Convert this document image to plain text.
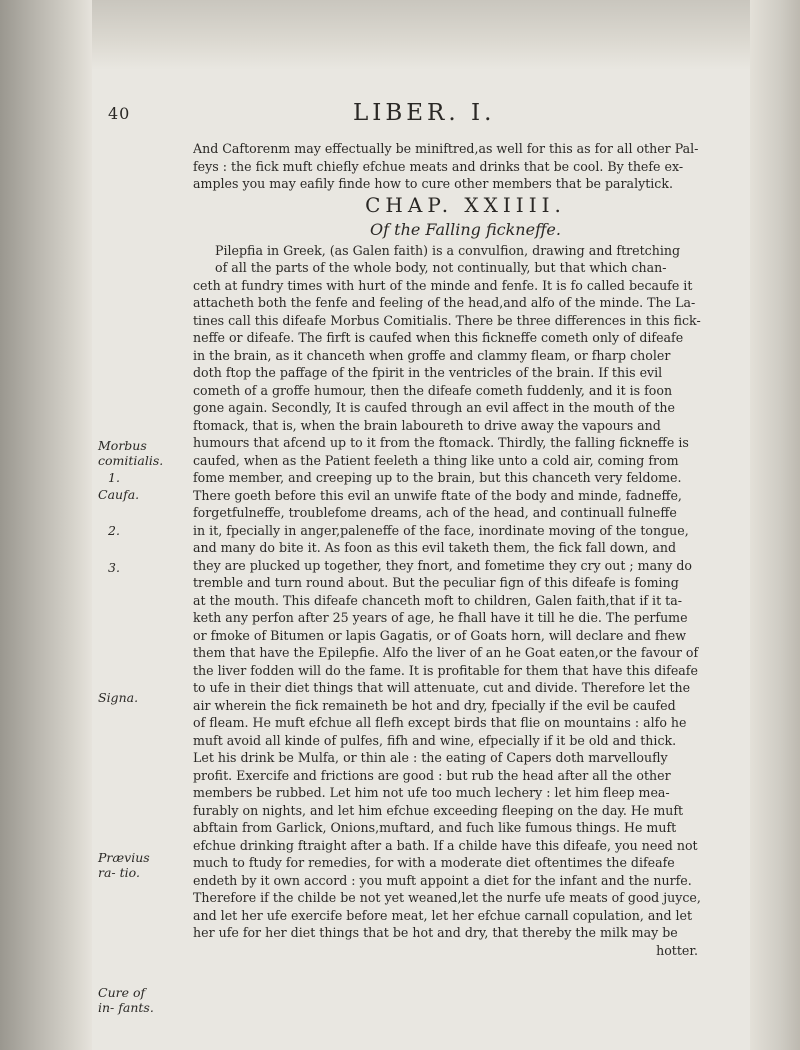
40	LIBER. I.
Morbus comitialis.
1.
Caufa.
2.
3.
Signa.
Prævius ra- tio.
Cure of in- fants.
And Caftorenm may effectually be miniftred,as well for this as for all other Pal-
feys : the fick muft chiefly efchue meats and drinks that be cool. By thefe ex-
amples you may eafily finde how to cure other members that be paralytick.
CHAP. XXIIII.
Of the Falling fickneffe.
Pilepfia in Greek, (as Galen faith) is a convulfion, drawing and ftretching
of all the parts of the whole body, not continually, but that which chan-
ceth at fundry times with hurt of the minde and fenfe. It is fo called becaufe it
attacheth both the fenfe and feeling of the head,and alfo of the minde. The La-
tines call this difeafe Morbus Comitialis. There be three differences in this fick-
neffe or difeafe. The firft is caufed when this fickneffe cometh only of difeafe
in the brain, as it chanceth when groffe and clammy fleam, or fharp choler
doth ftop the paffage of the fpirit in the ventricles of the brain. If this evil
cometh of a groffe humour, then the difeafe cometh fuddenly, and it is foon
gone again. Secondly, It is caufed through an evil affect in the mouth of the
ftomack, that is, when the brain laboureth to drive away the vapours and
humours that afcend up to it from the ftomack. Thirdly, the falling fickneffe is
caufed, when as the Patient feeleth a thing like unto a cold air, coming from
fome member, and creeping up to the brain, but this chanceth very feldome.
There goeth before this evil an unwife ftate of the body and minde, fadneffe,
forgetfulneffe, troublefome dreams, ach of the head, and continuall fulneffe
in it, fpecially in anger,paleneffe of the face, inordinate moving of the tongue,
and many do bite it. As foon as this evil taketh them, the fick fall down, and
they are plucked up together, they fnort, and fometime they cry out ; many do
tremble and turn round about. But the peculiar fign of this difeafe is foming
at the mouth. This difeafe chanceth moft to children, Galen faith,that if it ta-
keth any perfon after 25 years of age, he fhall have it till he die. The perfume
or fmoke of Bitumen or lapis Gagatis, or of Goats horn, will declare and fhew
them that have the Epilepfie. Alfo the liver of an he Goat eaten,or the favour of
the liver fodden will do the fame. It is profitable for them that have this difeafe
to ufe in their diet things that will attenuate, cut and divide. Therefore let the
air wherein the fick remaineth be hot and dry, fpecially if the evil be caufed
of fleam. He muft efchue all flefh except birds that flie on mountains : alfo he
muft avoid all kinde of pulfes, fifh and wine, efpecially if it be old and thick.
Let his drink be Mulfa, or thin ale : the eating of Capers doth marvelloufly
profit. Exercife and frictions are good : but rub the head after all the other
members be rubbed. Let him not ufe too much lechery : let him fleep mea-
furably on nights, and let him efchue exceeding fleeping on the day. He muft
abftain from Garlick, Onions,muftard, and fuch like fumous things. He muft
efchue drinking ftraight after a bath. If a childe have this difeafe, you need not
much to ftudy for remedies, for with a moderate diet oftentimes the difeafe
endeth by it own accord : you muft appoint a diet for the infant and the nurfe.
Therefore if the childe be not yet weaned,let the nurfe ufe meats of good juyce,
and let her ufe exercife before meat, let her efchue carnall copulation, and let
her ufe for her diet things that be hot and dry, that thereby the milk may be
hotter.
